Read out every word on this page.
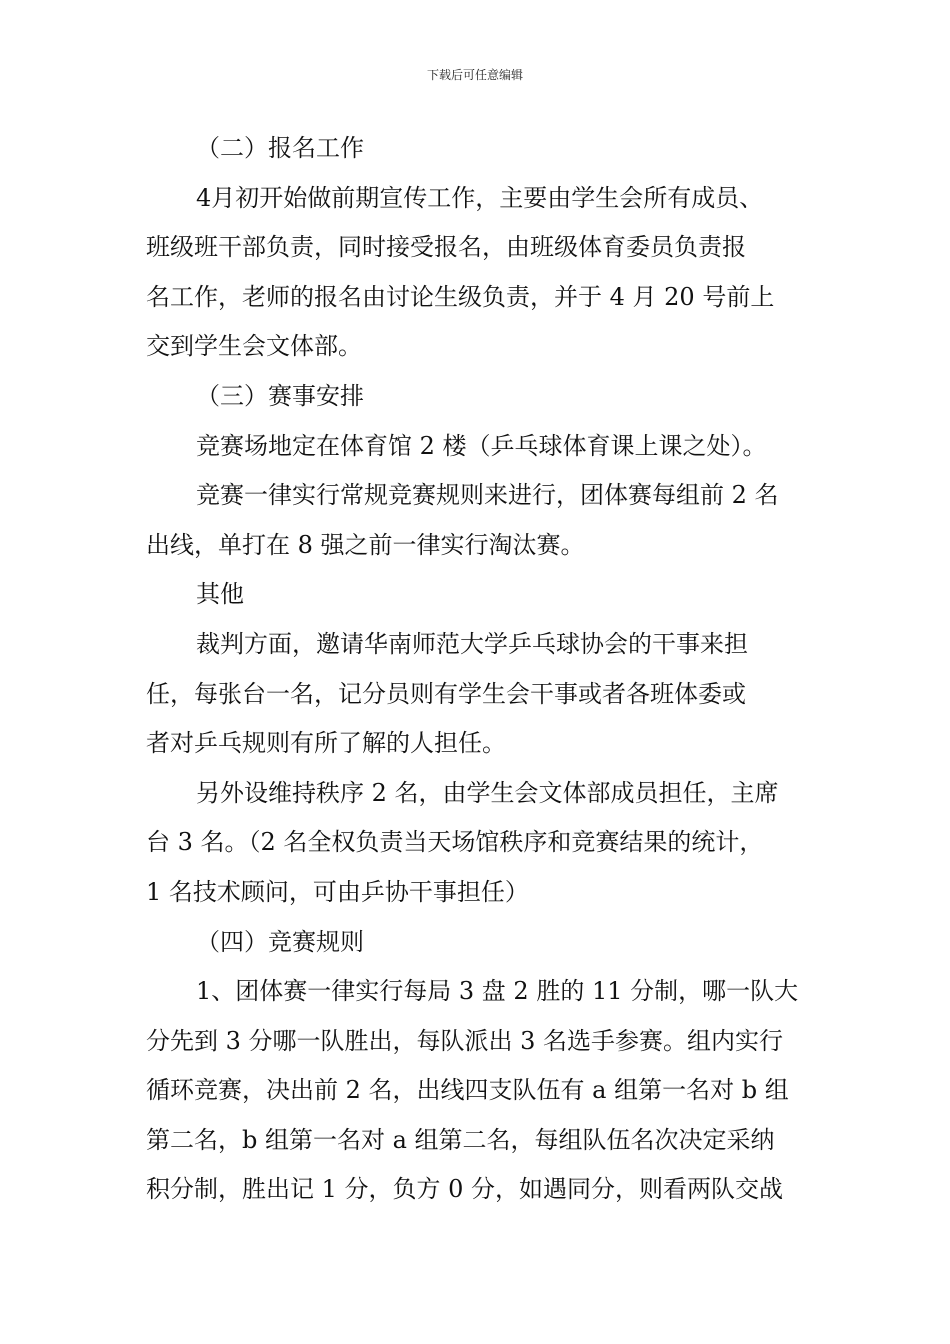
下载后可任意编辑
（二）报名工作
4月初开始做前期宣传工作，主要由学生会所有成员、
班级班干部负责，同时接受报名，由班级体育委员负责报
名工作，老师的报名由讨论生级负责，并于 4 月 20 号前上
交到学生会文体部。
（三）赛事安排
竞赛场地定在体育馆 2 楼（乒乓球体育课上课之处）。
竞赛一律实行常规竞赛规则来进行，团体赛每组前 2 名
出线，单打在 8 强之前一律实行淘汰赛。
其他
裁判方面，邀请华南师范大学乒乓球协会的干事来担
任，每张台一名，记分员则有学生会干事或者各班体委或
者对乒乓规则有所了解的人担任。
另外设维持秩序 2 名，由学生会文体部成员担任，主席
台 3 名。（2 名全权负责当天场馆秩序和竞赛结果的统计，
1 名技术顾问，可由乒协干事担任）
（四）竞赛规则
1、团体赛一律实行每局 3 盘 2 胜的 11 分制，哪一队大
分先到 3 分哪一队胜出，每队派出 3 名选手参赛。组内实行
循环竞赛，决出前 2 名，出线四支队伍有 a 组第一名对 b 组
第二名，b 组第一名对 a 组第二名，每组队伍名次决定采纳
积分制，胜出记 1 分，负方 0 分，如遇同分，则看两队交战
